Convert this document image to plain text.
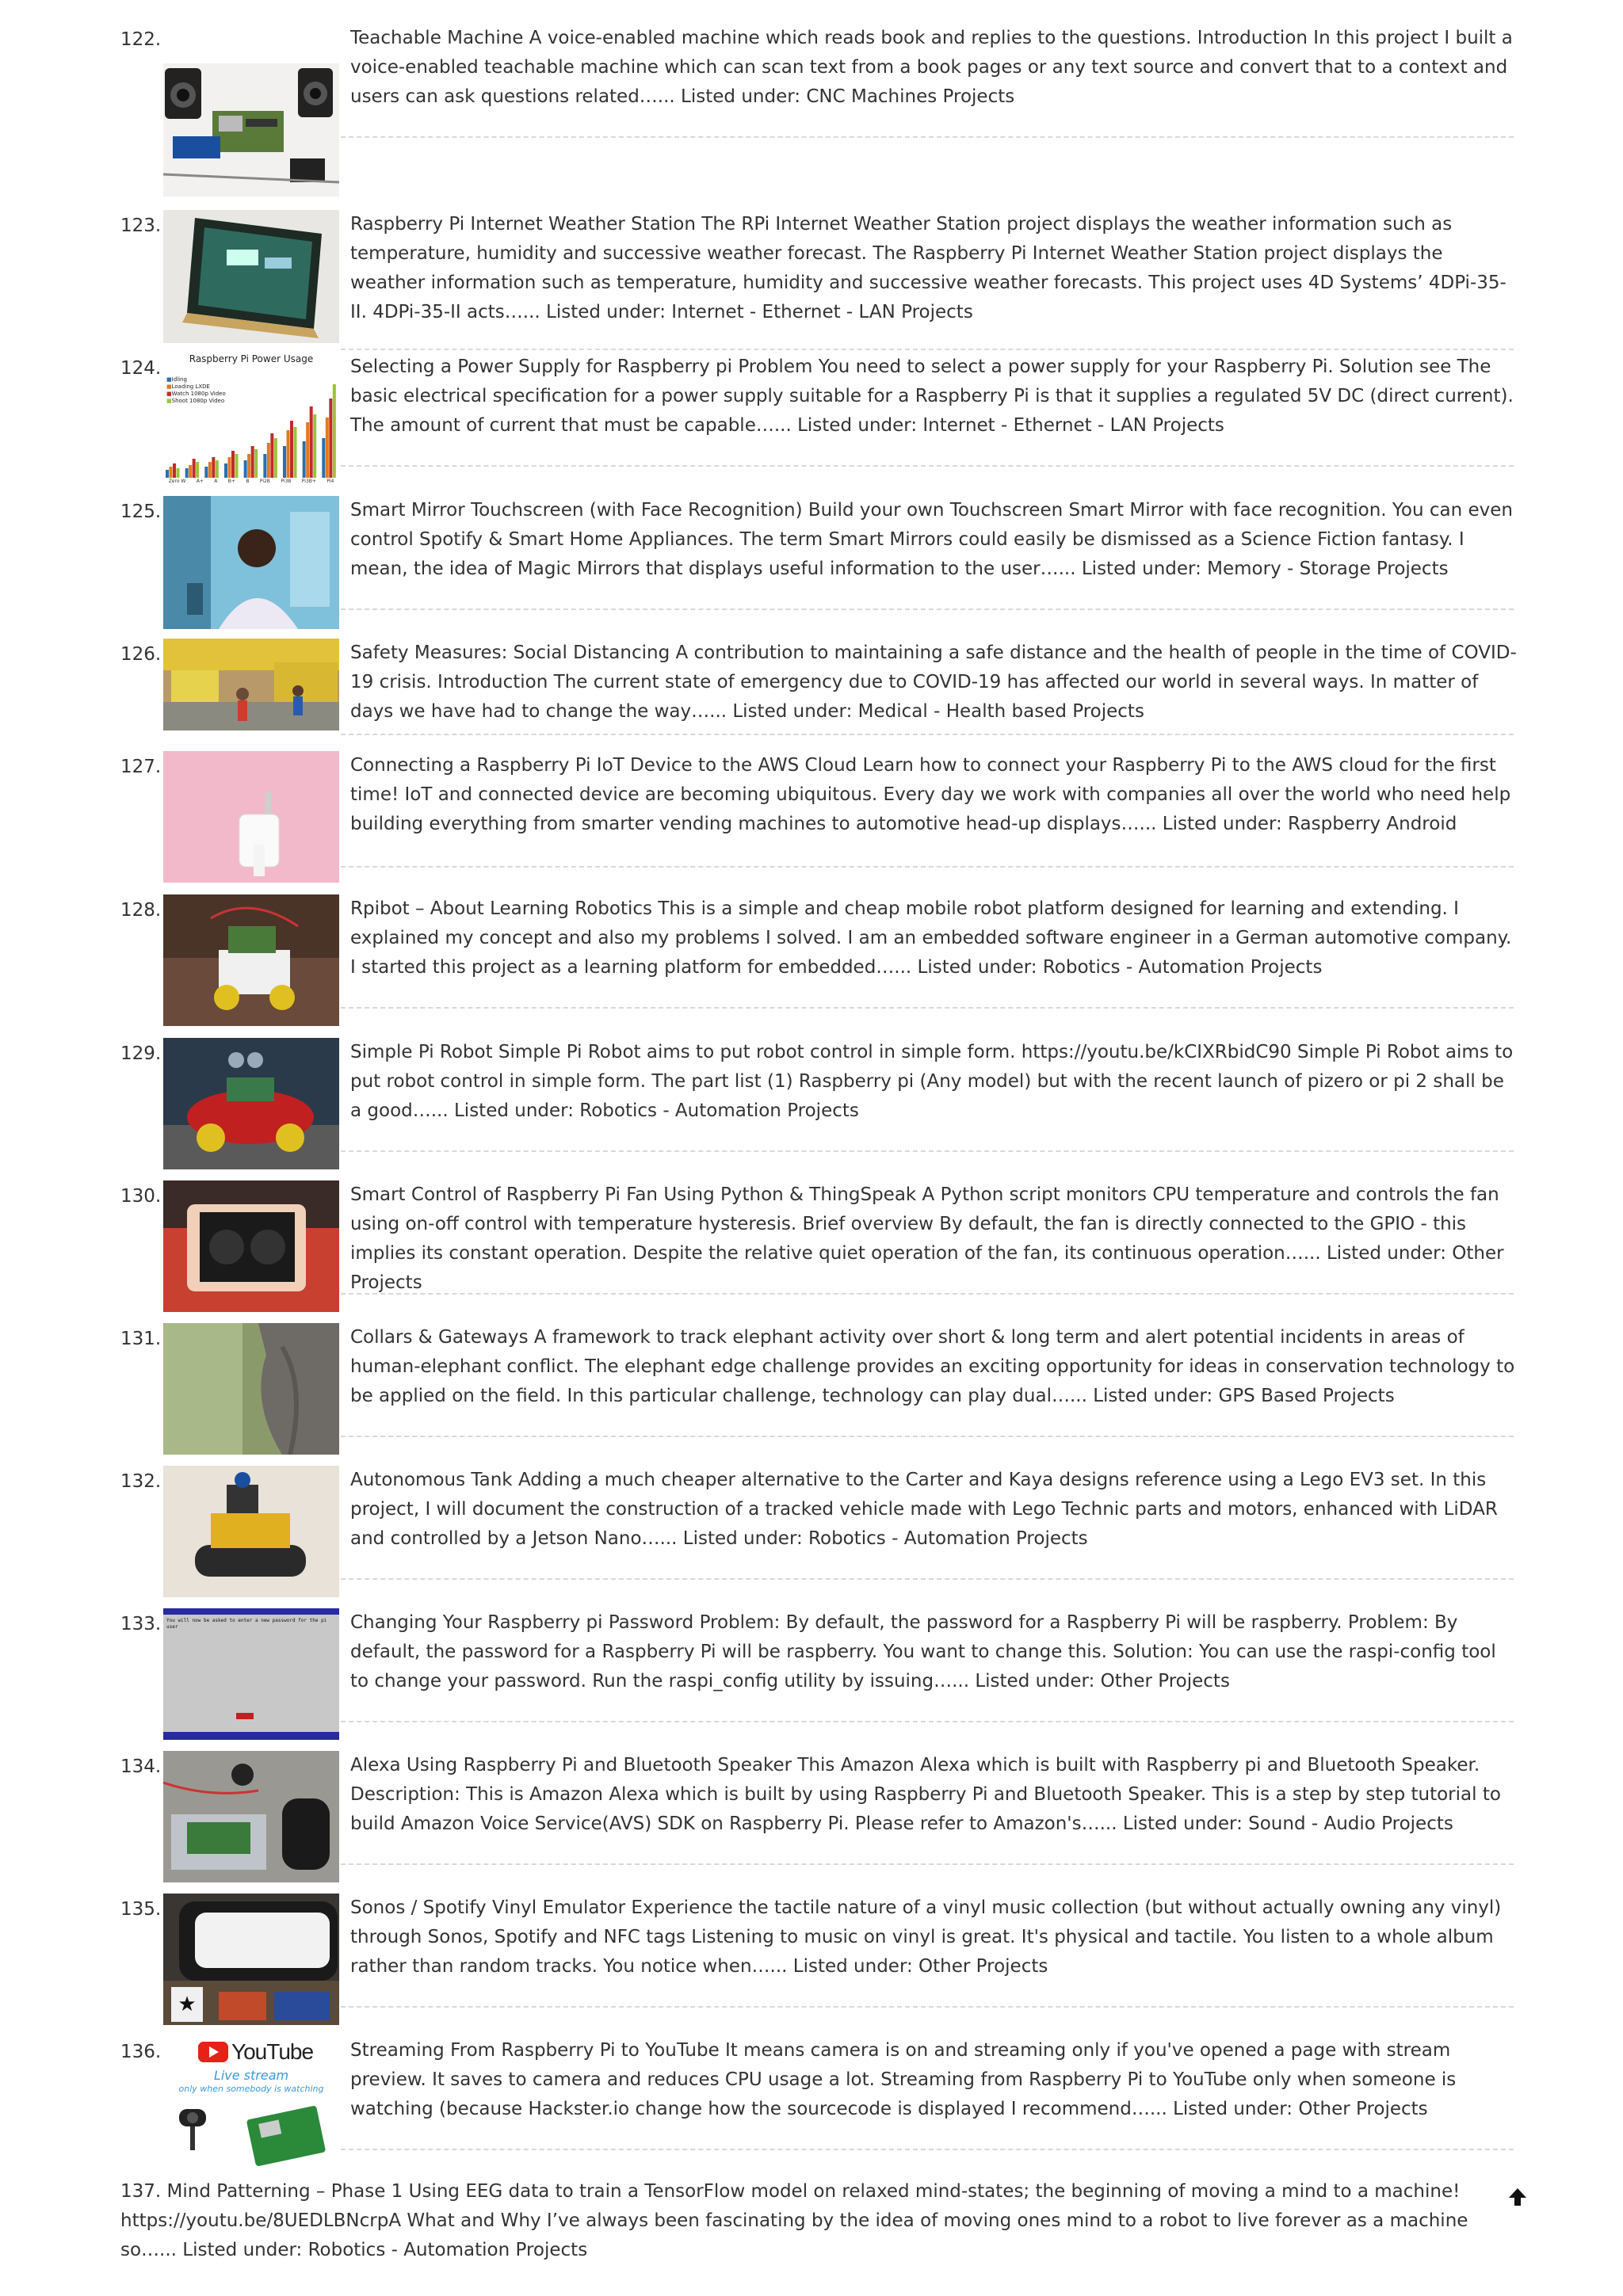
122.	Teachable Machine A voice-enabled machine which reads book and replies to the questions. Introduction In this project I built a voice-enabled teachable machine which can scan text from a book pages or any text source and convert that to a context and users can ask questions related…... Listed under: CNC Machines Projects
123.	Raspberry Pi Internet Weather Station The RPi Internet Weather Station project displays the weather information such as temperature, humidity and successive weather forecast. The Raspberry Pi Internet Weather Station project displays the weather information such as temperature, humidity and successive weather forecasts. This project uses 4D Systems’ 4DPi-35-II. 4DPi-35-II acts…... Listed under: Internet - Ethernet - LAN Projects
124.	Raspberry Pi Power Usage
■Idling
■Loading LXDE
■Watch 1080p Video
■Shoot 1080p Video
Zero W A+ A B+ B Pi2B Pi3B Pi3B+ Pi4
Selecting a Power Supply for Raspberry pi Problem You need to select a power supply for your Raspberry Pi. Solution see The basic electrical specification for a power supply suitable for a Raspberry Pi is that it supplies a regulated 5V DC (direct current). The amount of current that must be capable…... Listed under: Internet - Ethernet - LAN Projects
125.	Smart Mirror Touchscreen (with Face Recognition) Build your own Touchscreen Smart Mirror with face recognition. You can even control Spotify & Smart Home Appliances. The term Smart Mirrors could easily be dismissed as a Science Fiction fantasy. I mean, the idea of Magic Mirrors that displays useful information to the user…... Listed under: Memory - Storage Projects
126.	Safety Measures: Social Distancing A contribution to maintaining a safe distance and the health of people in the time of COVID-19 crisis. Introduction The current state of emergency due to COVID-19 has affected our world in several ways. In matter of days we have had to change the way…... Listed under: Medical - Health based Projects
127.	Connecting a Raspberry Pi IoT Device to the AWS Cloud Learn how to connect your Raspberry Pi to the AWS cloud for the first time! IoT and connected device are becoming ubiquitous. Every day we work with companies all over the world who need help building everything from smarter vending machines to automotive head-up displays…... Listed under: Raspberry Android
128.	Rpibot – About Learning Robotics This is a simple and cheap mobile robot platform designed for learning and extending. I explained my concept and also my problems I solved. I am an embedded software engineer in a German automotive company. I started this project as a learning platform for embedded…... Listed under: Robotics - Automation Projects
129.	Simple Pi Robot Simple Pi Robot aims to put robot control in simple form. https://youtu.be/kCIXRbidC90 Simple Pi Robot aims to put robot control in simple form. The part list (1) Raspberry pi (Any model) but with the recent launch of pizero or pi 2 shall be a good…... Listed under: Robotics - Automation Projects
130.	Smart Control of Raspberry Pi Fan Using Python & ThingSpeak A Python script monitors CPU temperature and controls the fan using on-off control with temperature hysteresis. Brief overview By default, the fan is directly connected to the GPIO - this implies its constant operation. Despite the relative quiet operation of the fan, its continuous operation…... Listed under: Other Projects
131.	Collars & Gateways A framework to track elephant activity over short & long term and alert potential incidents in areas of human-elephant conflict. The elephant edge challenge provides an exciting opportunity for ideas in conservation technology to be applied on the field. In this particular challenge, technology can play dual…... Listed under: GPS Based Projects
132.	Autonomous Tank Adding a much cheaper alternative to the Carter and Kaya designs reference using a Lego EV3 set. In this project, I will document the construction of a tracked vehicle made with Lego Technic parts and motors, enhanced with LiDAR and controlled by a Jetson Nano…... Listed under: Robotics - Automation Projects
133. You will now be asked to enter a new password for the pi user	Changing Your Raspberry pi Password Problem: By default, the password for a Raspberry Pi will be raspberry. Problem: By default, the password for a Raspberry Pi will be raspberry. You want to change this. Solution: You can use the raspi-config tool to change your password. Run the raspi_config utility by issuing…... Listed under: Other Projects
134.	Alexa Using Raspberry Pi and Bluetooth Speaker This Amazon Alexa which is built with Raspberry pi and Bluetooth Speaker. Description: This is Amazon Alexa which is built by using Raspberry Pi and Bluetooth Speaker. This is a step by step tutorial to build Amazon Voice Service(AVS) SDK on Raspberry Pi. Please refer to Amazon's…... Listed under: Sound - Audio Projects
135.
★
Sonos / Spotify Vinyl Emulator Experience the tactile nature of a vinyl music collection (but without actually owning any vinyl) through Sonos, Spotify and NFC tags Listening to music on vinyl is great. It's physical and tactile. You listen to a whole album rather than random tracks. You notice when…... Listed under: Other Projects
136.	YouTube
Live stream
only when somebody is watching
Streaming From Raspberry Pi to YouTube It means camera is on and streaming only if you've opened a page with stream preview. It saves to camera and reduces CPU usage a lot. Streaming from Raspberry Pi to YouTube only when someone is watching (because Hackster.io change how the sourcecode is displayed I recommend…... Listed under: Other Projects
137. Mind Patterning – Phase 1 Using EEG data to train a TensorFlow model on relaxed mind-states; the beginning of moving a mind to a machine! https://youtu.be/8UEDLBNcrpA What and Why I’ve always been fascinating by the idea of moving ones mind to a robot to live forever as a machine so…... Listed under: Robotics - Automation Projects
